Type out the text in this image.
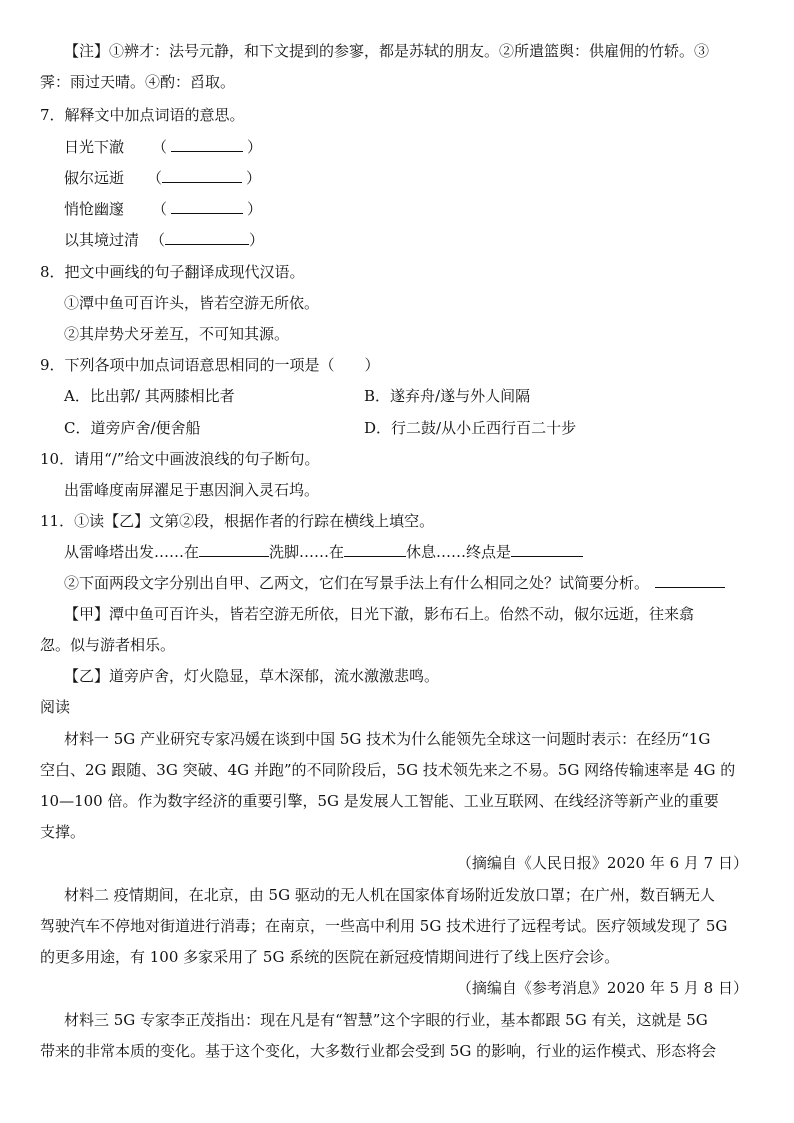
【注】①辨才：法号元静，和下文提到的参寥，都是苏轼的朋友。②所遣篮舆：供雇佣的竹轿。③
霁：雨过天晴。④酌：舀取。
7．解释文中加点词语的意思。
日光下澈 （	）
俶尔远逝 （	）
悄怆幽邃 （	）
以其境过清 （	）
8．把文中画线的句子翻译成现代汉语。
①潭中鱼可百许头，皆若空游无所依。
②其岸势犬牙差互，不可知其源。
9．下列各项中加点词语意思相同的一项是（　　）
A．比出郭/ 其两膝相比者	B．遂弃舟/遂与外人间隔
C．道旁庐舍/便舍船	D．行二鼓/从小丘西行百二十步
10．请用“/”给文中画波浪线的句子断句。
出雷峰度南屏濯足于惠因涧入灵石坞。
11．①读【乙】文第②段，根据作者的行踪在横线上填空。
从雷峰塔出发……在	洗脚……在	休息……终点是
②下面两段文字分别出自甲、乙两文，它们在写景手法上有什么相同之处？试简要分析。
【甲】潭中鱼可百许头，皆若空游无所依，日光下澈，影布石上。佁然不动，俶尔远逝，往来翕
忽。似与游者相乐。
【乙】道旁庐舍，灯火隐显，草木深郁，流水激激悲鸣。
阅读
材料一 5G 产业研究专家冯媛在谈到中国 5G 技术为什么能领先全球这一问题时表示：在经历“1G
空白、2G 跟随、3G 突破、4G 并跑”的不同阶段后，5G 技术领先来之不易。5G 网络传输速率是 4G 的
10—100 倍。作为数字经济的重要引擎，5G 是发展人工智能、工业互联网、在线经济等新产业的重要
支撑。
（摘编自《人民日报》2020 年 6 月 7 日）
材料二 疫情期间，在北京，由 5G 驱动的无人机在国家体育场附近发放口罩；在广州，数百辆无人
驾驶汽车不停地对街道进行消毒；在南京，一些高中利用 5G 技术进行了远程考试。医疗领域发现了 5G
的更多用途，有 100 多家采用了 5G 系统的医院在新冠疫情期间进行了线上医疗会诊。
（摘编自《参考消息》2020 年 5 月 8 日）
材料三 5G 专家李正茂指出：现在凡是有“智慧”这个字眼的行业，基本都跟 5G 有关，这就是 5G
带来的非常本质的变化。基于这个变化，大多数行业都会受到 5G 的影响，行业的运作模式、形态将会
